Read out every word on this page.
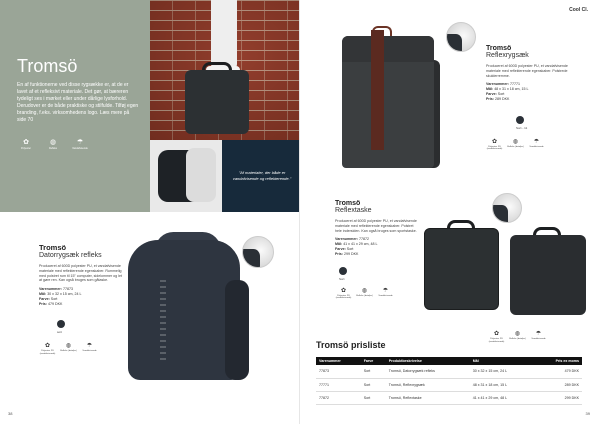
Tromsö

En af funktionerne ved disse rygsække er, at de er lavet af et refleksivt materiale. Det gør, at bæreren tydeligt ses i mørket eller under dårlige lysforhold. Derudover er de både praktiske og stilfulde. Tilføj egen branding, f.eks. virksomhedens logo. Læs mere på side 70

✿
Polyester
◍
Refleks
☂
Vandafvisende

"Af materialer, der både er vandafvisende og reflekterende."

Tromsö
Datorrygsæk refleks

Produceret af 600D polyester PU, et vandafvisende materiale med reflekterende egenskaber. Rummelig med polstret rum til 15" computer, sidelommer og let at gøre ren. Kan også bruges som gåtaske.

Varenummer: 77873
Mål: 30 x 32 x 15 cm, 24 L
Farve: Sort
Pris: 479 DKK
sort
✿
Polyester PU (vandafvisende)
◍
Refleks (detaljer)
☂
Vandafvisende
38	39
Cool Cl.
Tromsö
Reflexrygsæk

Produceret af 600D polyester PU, et vandafvisende materiale med reflekterende egenskaber. Polstrede skulderremme.

Varenummer: 77771
Mål: 48 x 31 x 18 cm, 15 L
Farve: Sort
Pris: 289 DKK
Sort - 11
✿
Polyester PU (vandafvisende)
◍
Refleks (detaljer)
☂
Vandafvisende
Tromsö
Reflextaske

Produceret af 600D polyester PU, et vandafvisende materiale med reflekterende egenskaber. Polstret hele indersiden. Kan også bruges som sportstaske.

Varenummer: 77872
Mål: 41 x 41 x 29 cm, 48 L
Farve: Sort
Pris: 299 DKK
Sort
✿
Polyester PU (vandafvisende)
◍
Refleks (detaljer)
☂
Vandafvisende
✿
Polyester PU (vandafvisende)
◍
Refleks (detaljer)
☂
Vandafvisende
Tromsö prisliste
Varenummer	Farve	Produktbeskrivelse	Mål	Pris ex moms
77873	Sort	Tromsö, Datorrygsæk refleks	30 x 32 x 15 cm, 24 L	479 DKK
77771	Sort	Tromsö, Reflexrygsæk	48 x 31 x 18 cm, 15 L	289 DKK
77872	Sort	Tromsö, Reflextaske	41 x 41 x 29 cm, 48 L	299 DKK
